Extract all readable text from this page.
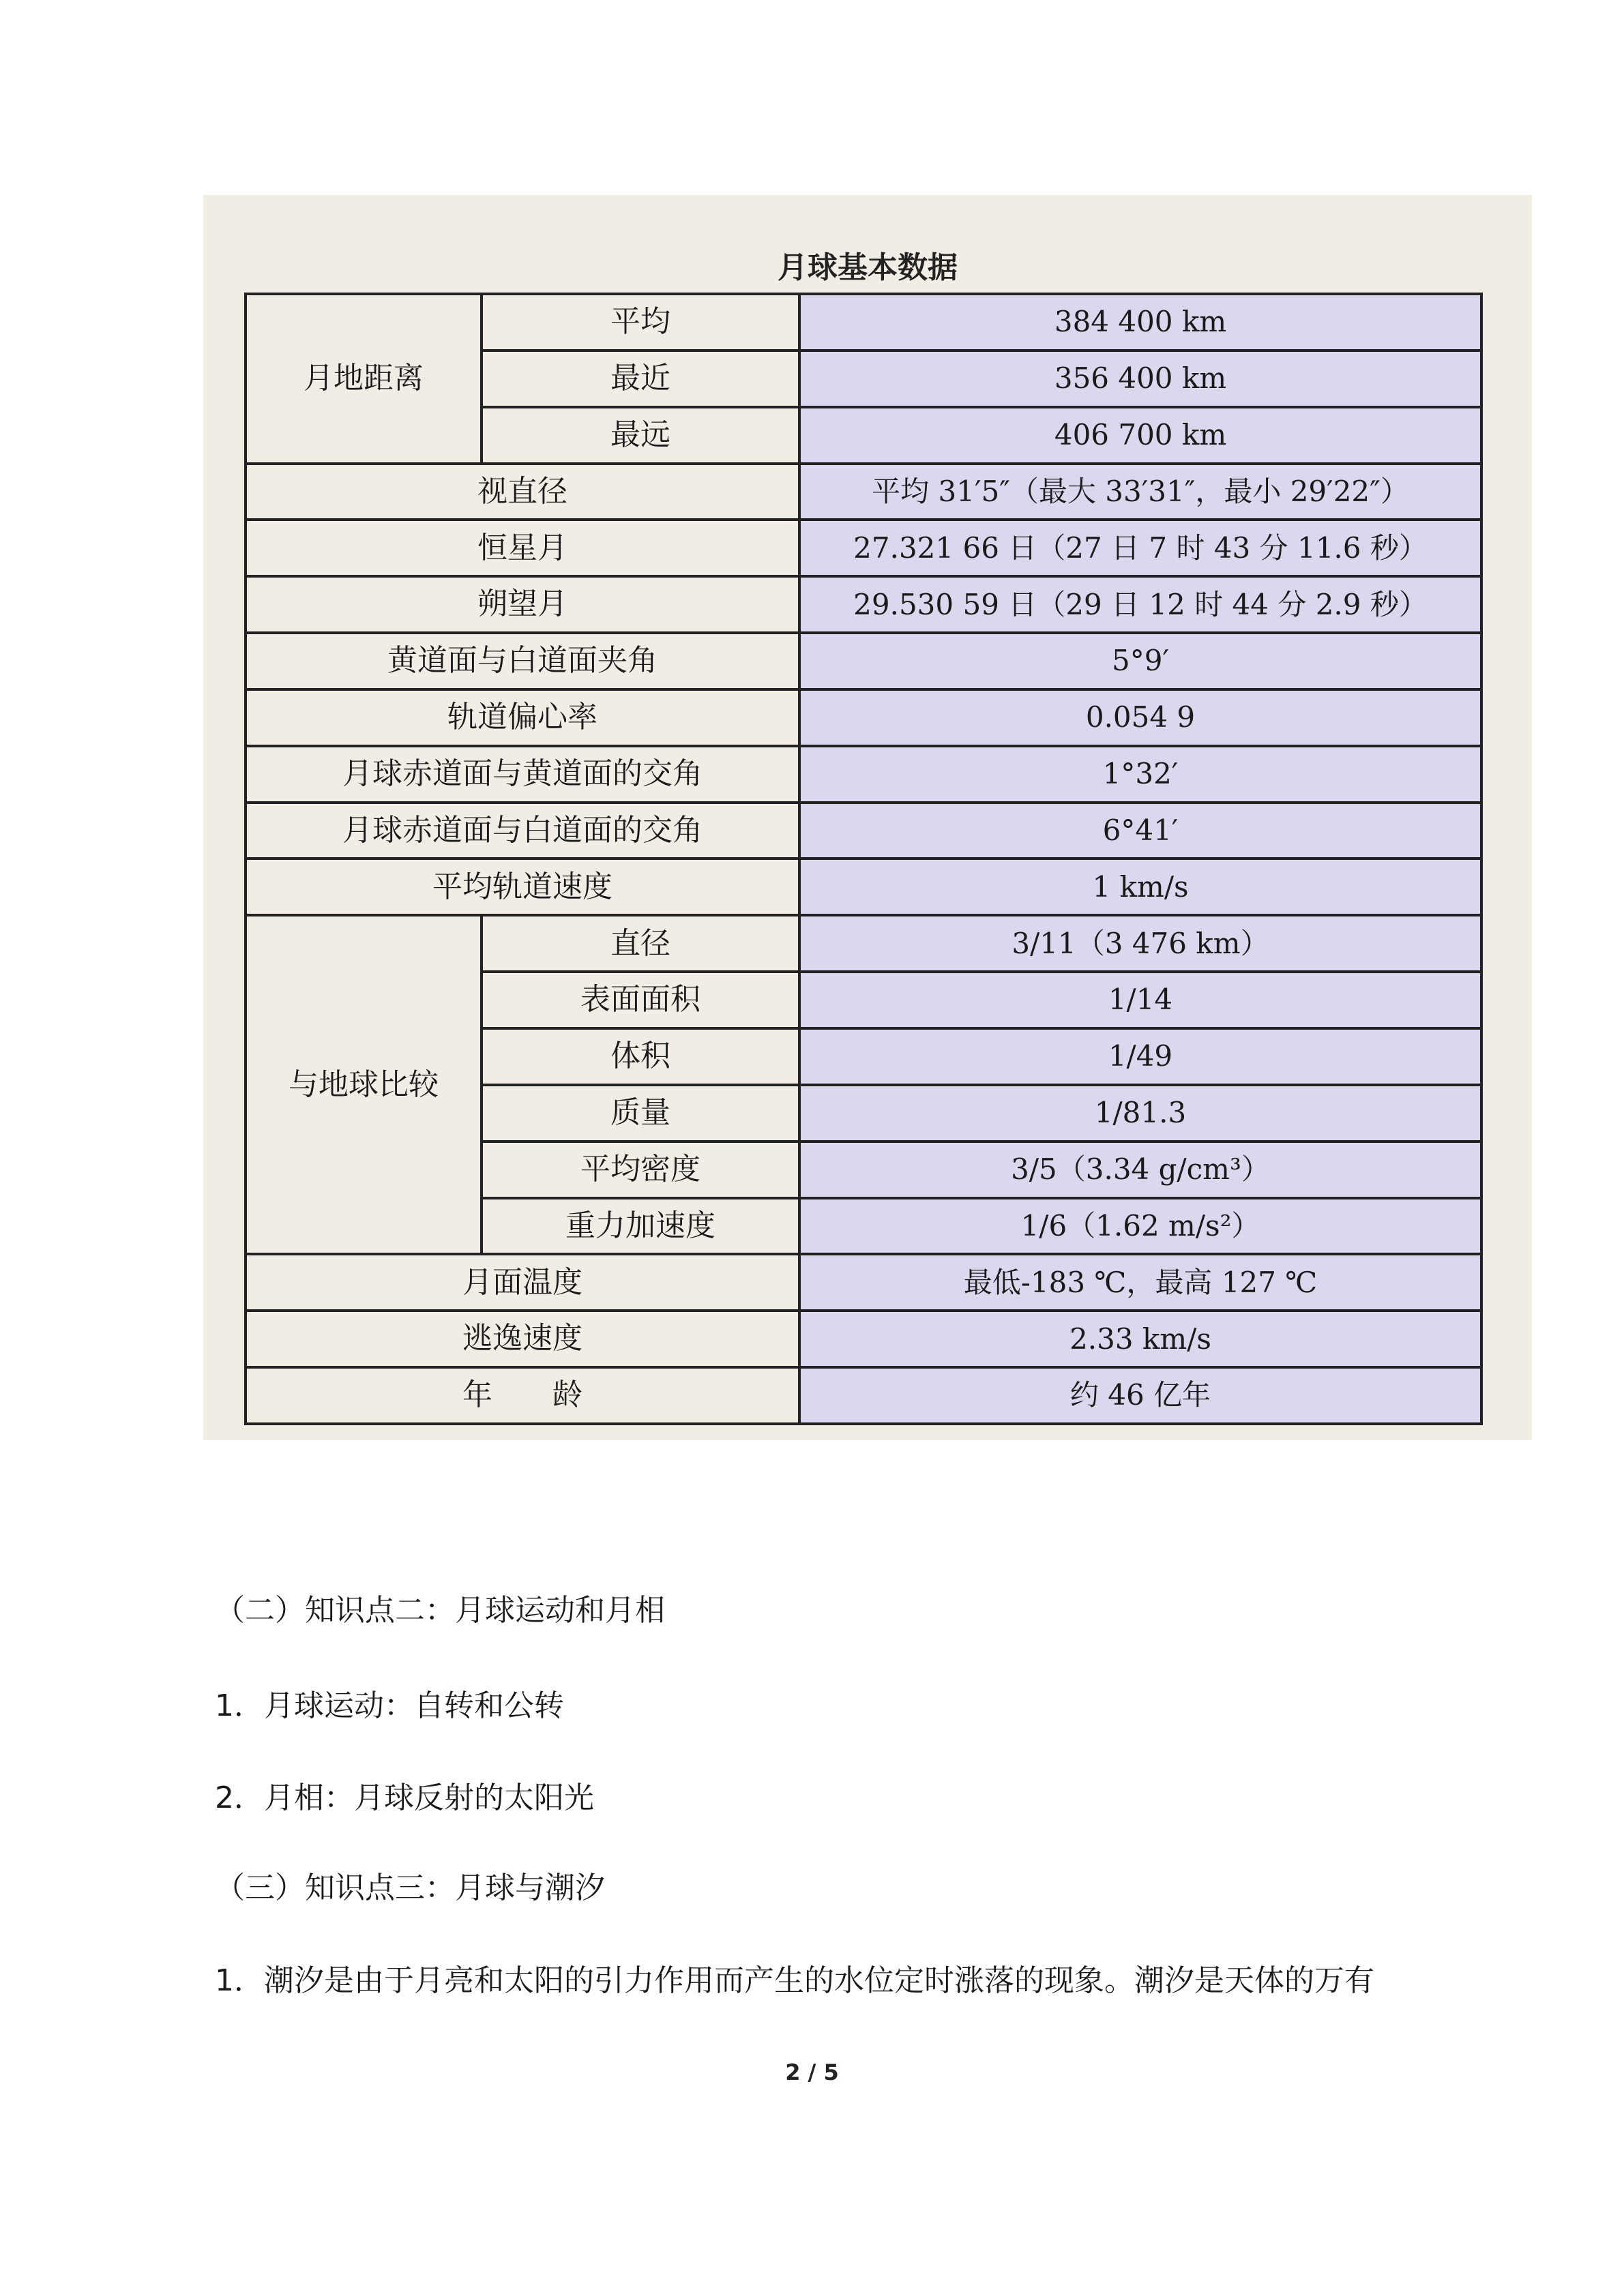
月球基本数据
月地距离	平均	384 400 km
	最近	356 400 km
	最远	406 700 km
视直径		平均 31′5″（最大 33′31″，最小 29′22″）
恒星月		27.321 66 日（27 日 7 时 43 分 11.6 秒）
朔望月		29.530 59 日（29 日 12 时 44 分 2.9 秒）
黄道面与白道面夹角		5°9′
轨道偏心率		0.054 9
月球赤道面与黄道面的交角		1°32′
月球赤道面与白道面的交角		6°41′
平均轨道速度		1 km/s
与地球比较	直径	3/11（3 476 km）
	表面面积	1/14
	体积	1/49
	质量	1/81.3
	平均密度	3/5（3.34 g/cm³）
	重力加速度	1/6（1.62 m/s²）
月面温度		最低-183 ℃，最高 127 ℃
逃逸速度		2.33 km/s
年　　龄		约 46 亿年
（二）知识点二：月球运动和月相
1．月球运动：自转和公转
2．月相：月球反射的太阳光
（三）知识点三：月球与潮汐
1．潮汐是由于月亮和太阳的引力作用而产生的水位定时涨落的现象。潮汐是天体的万有
2 / 5
